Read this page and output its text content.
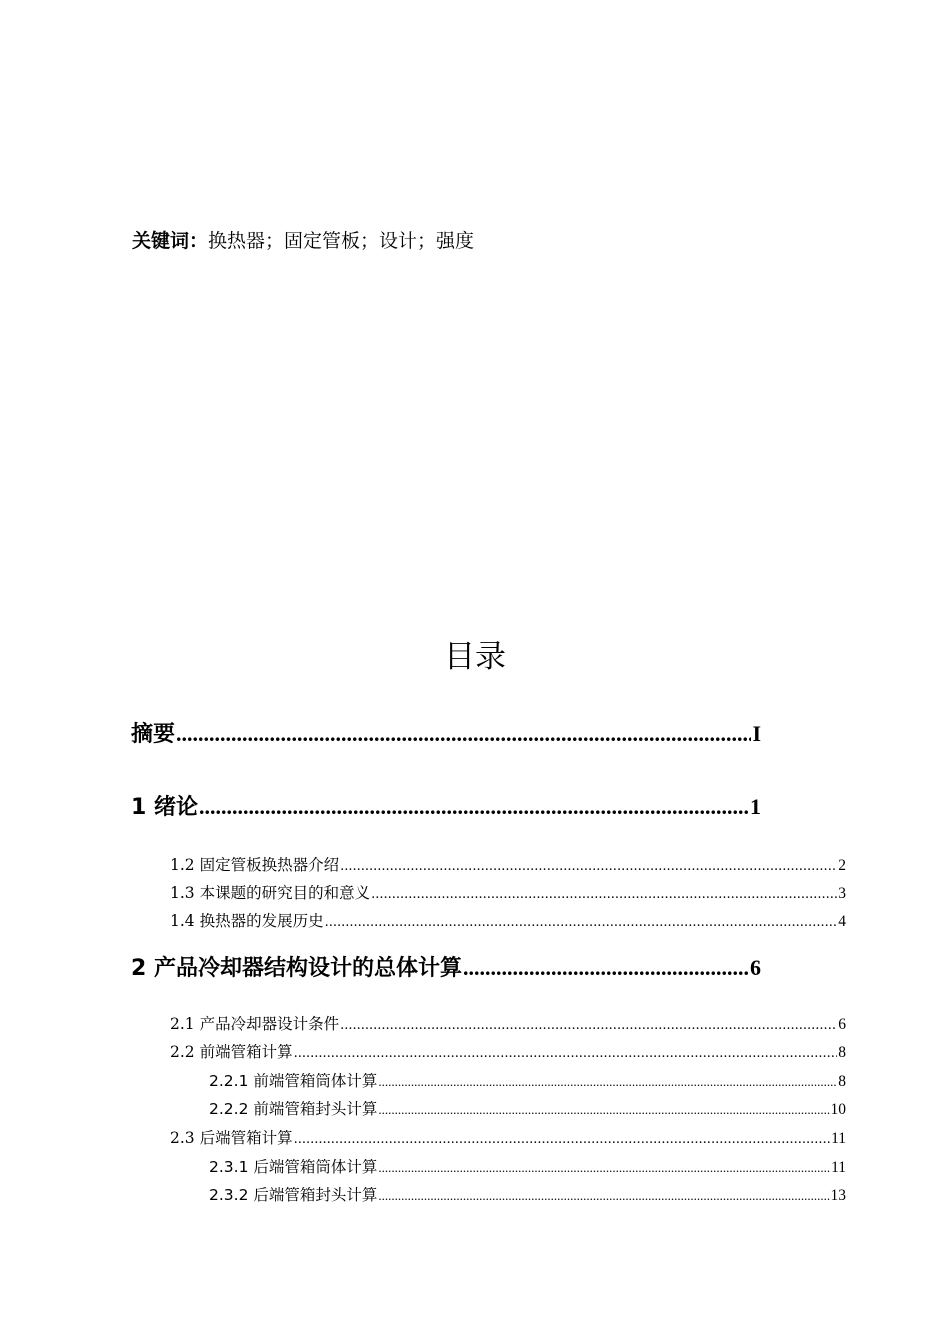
关键词：换热器；固定管板；设计；强度
目录
摘要 .....	I
1 绪论 .....	1
1.2 固定管板换热器介绍 .....	2
1.3 本课题的研究目的和意义 .....	3
1.4 换热器的发展历史 .....	4
2 产品冷却器结构设计的总体计算 .....	6
2.1 产品冷却器设计条件 .....	6
2.2 前端管箱计算 .....	8
2.2.1 前端管箱筒体计算 .....	8
2.2.2 前端管箱封头计算 .....	10
2.3 后端管箱计算 .....	11
2.3.1 后端管箱筒体计算 .....	11
2.3.2 后端管箱封头计算 .....	13
